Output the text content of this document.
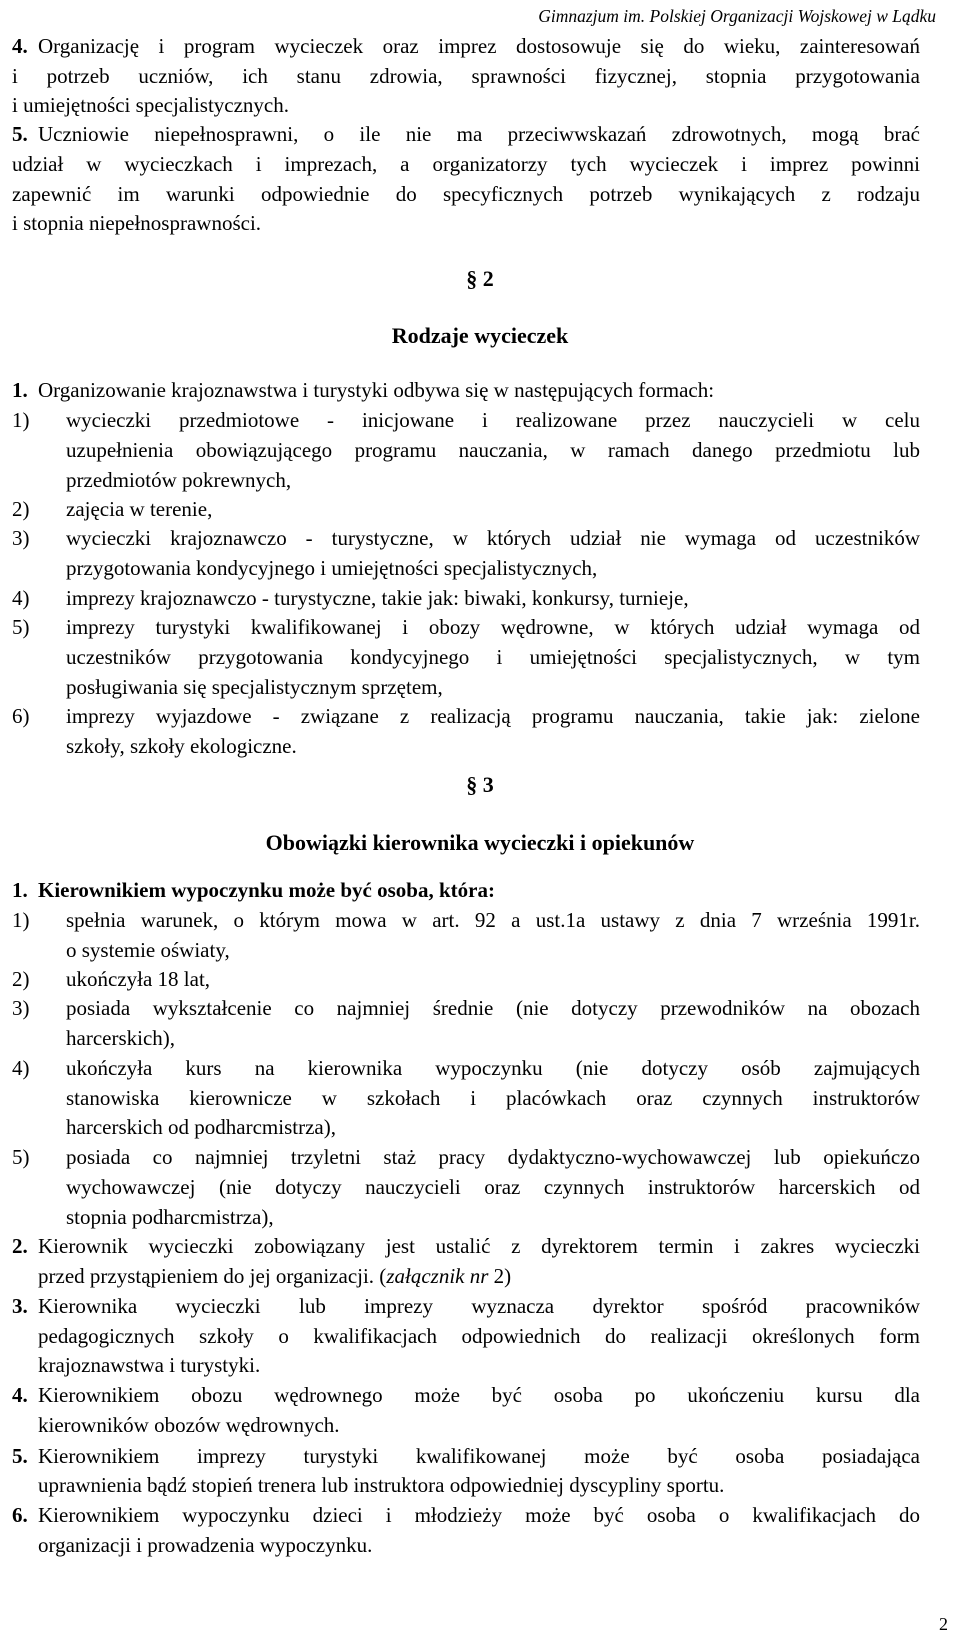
Gimnazjum im. Polskiej Organizacji Wojskowej w Lądku
4. Organizację i program wycieczek oraz imprez dostosowuje się do wieku, zainteresowań
i potrzeb uczniów, ich stanu zdrowia, sprawności fizycznej, stopnia przygotowania
i umiejętności specjalistycznych.
5. Uczniowie niepełnosprawni, o ile nie ma przeciwwskazań zdrowotnych, mogą brać
udział w wycieczkach i imprezach, a organizatorzy tych wycieczek i imprez powinni
zapewnić im warunki odpowiednie do specyficznych potrzeb wynikających z rodzaju
i stopnia niepełnosprawności.
§ 2
Rodzaje wycieczek
1. Organizowanie krajoznawstwa i turystyki odbywa się w następujących formach:
1) wycieczki przedmiotowe - inicjowane i realizowane przez nauczycieli w celu
uzupełnienia obowiązującego programu nauczania, w ramach danego przedmiotu lub
przedmiotów pokrewnych,
2) zajęcia w terenie,
3) wycieczki krajoznawczo - turystyczne, w których udział nie wymaga od uczestników
przygotowania kondycyjnego i umiejętności specjalistycznych,
4) imprezy krajoznawczo - turystyczne, takie jak: biwaki, konkursy, turnieje,
5) imprezy turystyki kwalifikowanej i obozy wędrowne, w których udział wymaga od
uczestników przygotowania kondycyjnego i umiejętności specjalistycznych, w tym
posługiwania się specjalistycznym sprzętem,
6) imprezy wyjazdowe - związane z realizacją programu nauczania, takie jak: zielone
szkoły, szkoły ekologiczne.
§ 3
Obowiązki kierownika wycieczki i opiekunów
1. Kierownikiem wypoczynku może być osoba, która:
1) spełnia warunek, o którym mowa w art. 92 a ust.1a ustawy z dnia 7 września 1991r.
o systemie oświaty,
2) ukończyła 18 lat,
3) posiada wykształcenie co najmniej średnie (nie dotyczy przewodników na obozach
harcerskich),
4) ukończyła kurs na kierownika wypoczynku (nie dotyczy osób zajmujących
stanowiska kierownicze w szkołach i placówkach oraz czynnych instruktorów
harcerskich od podharcmistrza),
5) posiada co najmniej trzyletni staż pracy dydaktyczno-wychowawczej lub opiekuńczo
wychowawczej (nie dotyczy nauczycieli oraz czynnych instruktorów harcerskich od
stopnia podharcmistrza),
2. Kierownik wycieczki zobowiązany jest ustalić z dyrektorem termin i zakres wycieczki
przed przystąpieniem do jej organizacji. (załącznik nr 2)
3. Kierownika wycieczki lub imprezy wyznacza dyrektor spośród pracowników
pedagogicznych szkoły o kwalifikacjach odpowiednich do realizacji określonych form
krajoznawstwa i turystyki.
4. Kierownikiem obozu wędrownego może być osoba po ukończeniu kursu dla
kierowników obozów wędrownych.
5. Kierownikiem imprezy turystyki kwalifikowanej może być osoba posiadająca
uprawnienia bądź stopień trenera lub instruktora odpowiedniej dyscypliny sportu.
6. Kierownikiem wypoczynku dzieci i młodzieży może być osoba o kwalifikacjach do
organizacji i prowadzenia wypoczynku.
2
